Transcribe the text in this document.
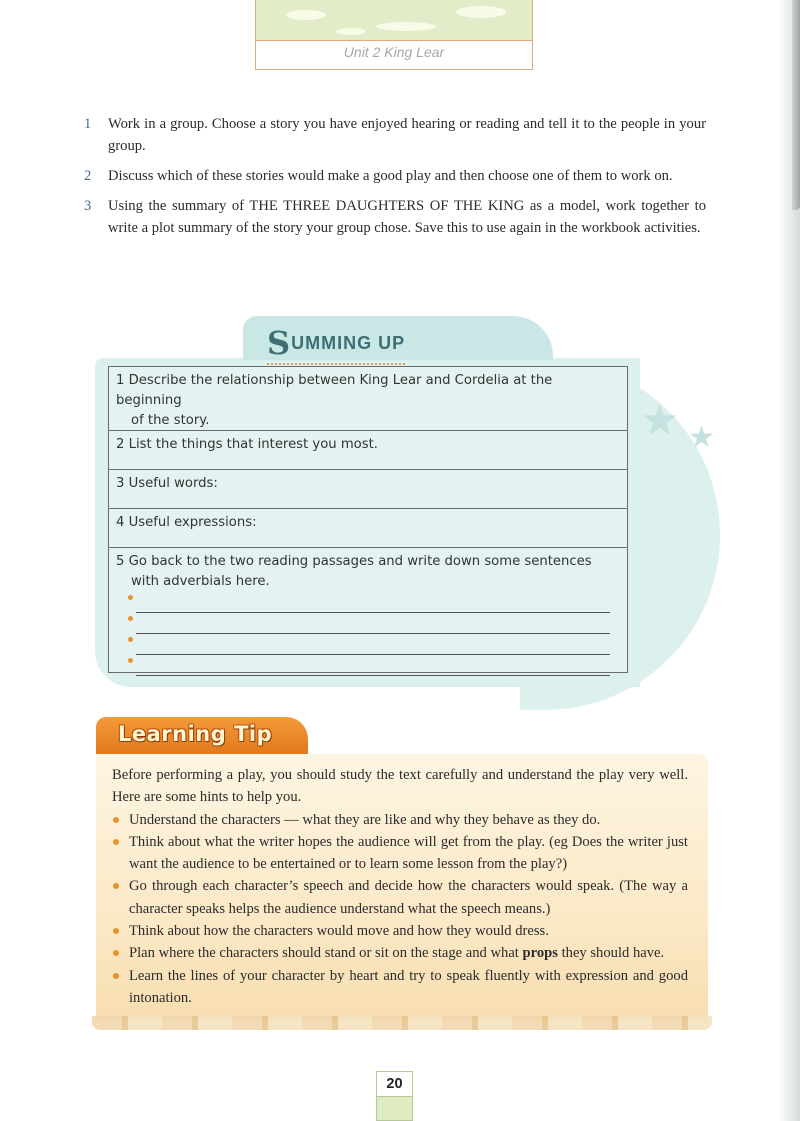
Unit 2 King Lear
1	Work in a group. Choose a story you have enjoyed hearing or reading and tell it to the people in your group.
2	Discuss which of these stories would make a good play and then choose one of them to work on.
3	Using the summary of THE THREE DAUGHTERS OF THE KING as a model, work together to write a plot summary of the story your group chose. Save this to use again in the workbook activities.
★ ★
SUMMING UP
1 Describe the relationship between King Lear and Cordelia at the beginning
of the story.
2 List the things that interest you most.
3 Useful words:
4 Useful expressions:
5 Go back to the two reading passages and write down some sentences
with adverbials here.
Learning Tip
Before performing a play, you should study the text carefully and understand the play very well. Here are some hints to help you.
Understand the characters — what they are like and why they behave as they do.
Think about what the writer hopes the audience will get from the play. (eg Does the writer just want the audience to be entertained or to learn some lesson from the play?)
Go through each character’s speech and decide how the characters would speak. (The way a character speaks helps the audience understand what the speech means.)
Think about how the characters would move and how they would dress.
Plan where the characters should stand or sit on the stage and what props they should have.
Learn the lines of your character by heart and try to speak fluently with expression and good intonation.
20
